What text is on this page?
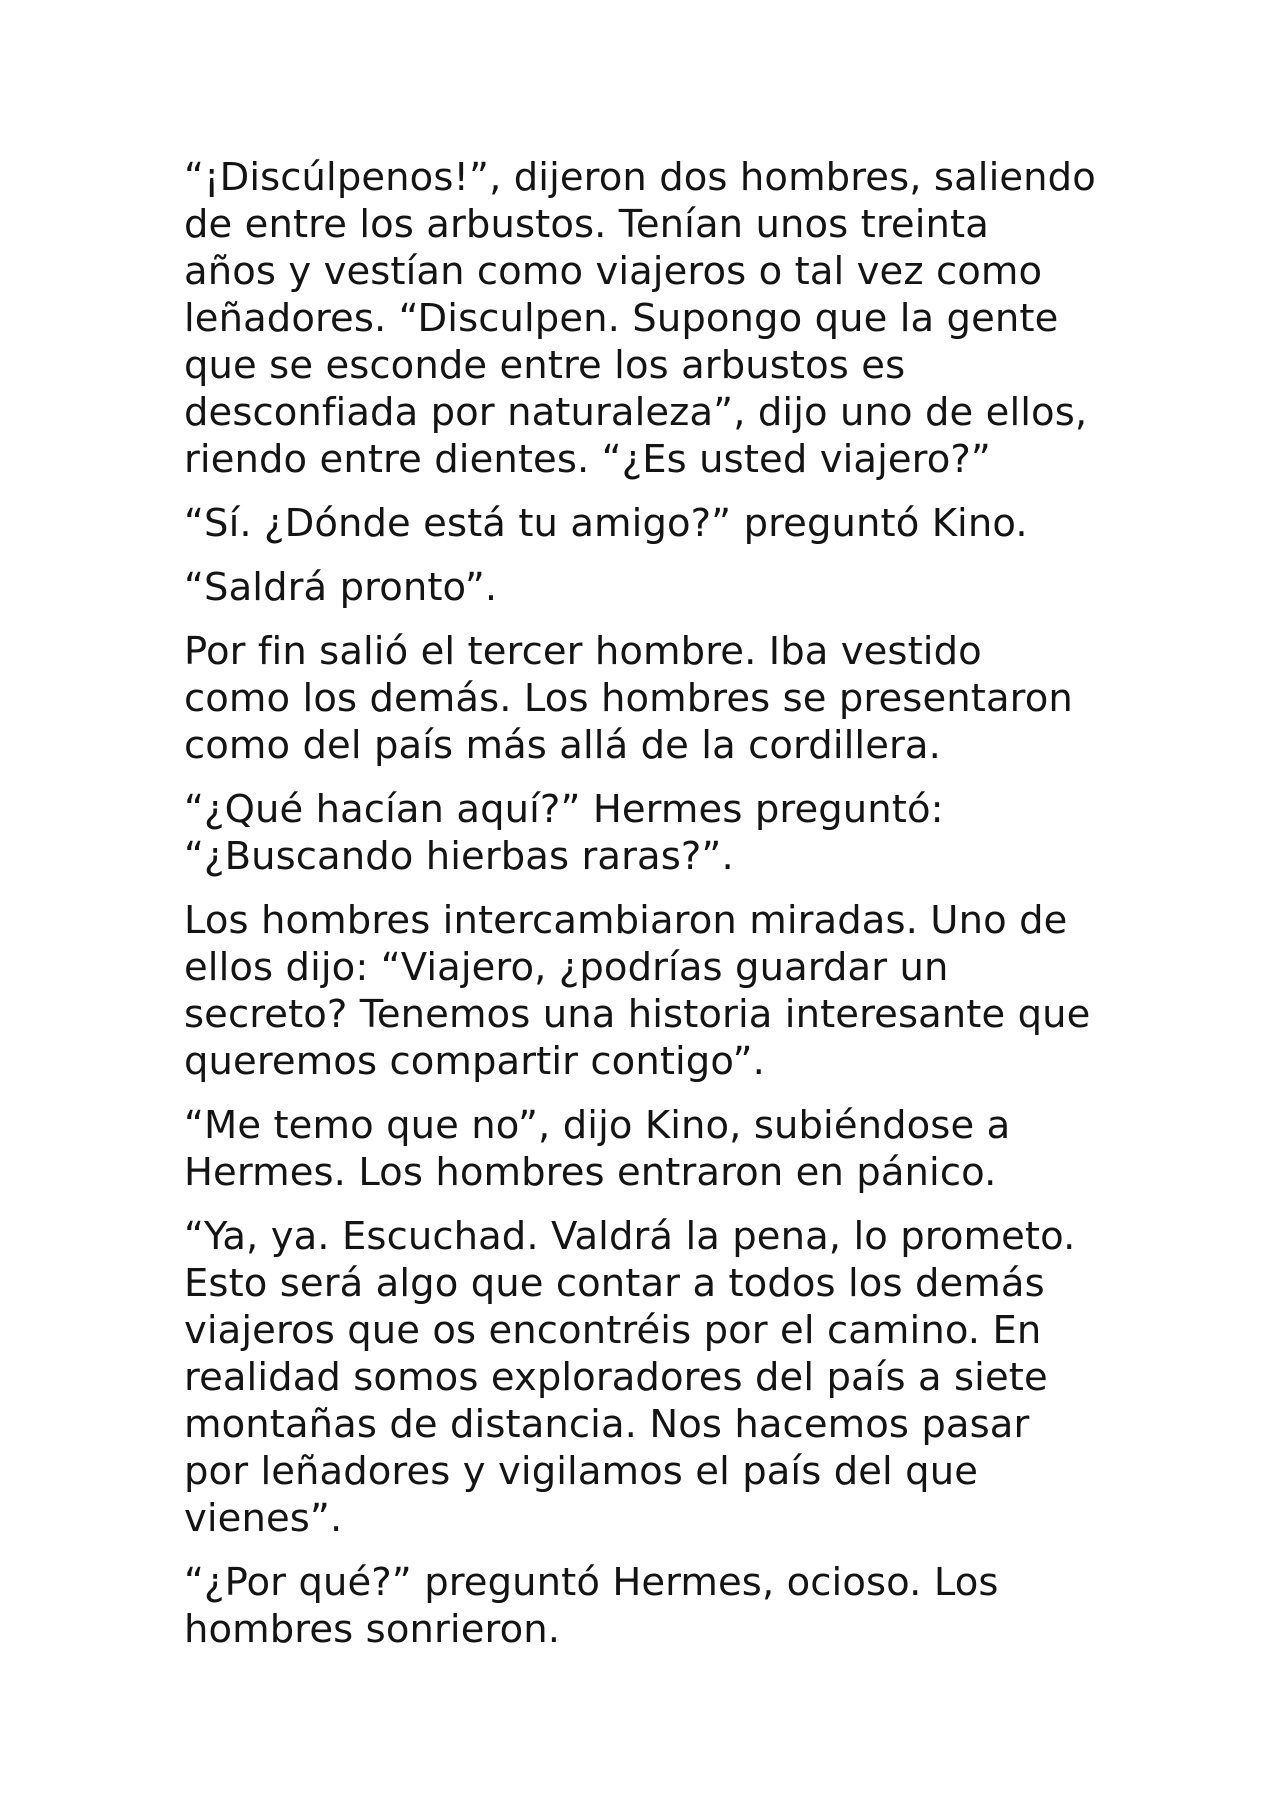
“¡Discúlpenos!”, dijeron dos hombres, saliendo
de entre los arbustos. Tenían unos treinta
años y vestían como viajeros o tal vez como
leñadores. “Disculpen. Supongo que la gente
que se esconde entre los arbustos es
desconfiada por naturaleza”, dijo uno de ellos,
riendo entre dientes. “¿Es usted viajero?”

“Sí. ¿Dónde está tu amigo?” preguntó Kino.

“Saldrá pronto”.

Por fin salió el tercer hombre. Iba vestido
como los demás. Los hombres se presentaron
como del país más allá de la cordillera.

“¿Qué hacían aquí?” Hermes preguntó:
“¿Buscando hierbas raras?”.

Los hombres intercambiaron miradas. Uno de
ellos dijo: “Viajero, ¿podrías guardar un
secreto? Tenemos una historia interesante que
queremos compartir contigo”.

“Me temo que no”, dijo Kino, subiéndose a
Hermes. Los hombres entraron en pánico.

“Ya, ya. Escuchad. Valdrá la pena, lo prometo.
Esto será algo que contar a todos los demás
viajeros que os encontréis por el camino. En
realidad somos exploradores del país a siete
montañas de distancia. Nos hacemos pasar
por leñadores y vigilamos el país del que
vienes”.

“¿Por qué?” preguntó Hermes, ocioso. Los
hombres sonrieron.
